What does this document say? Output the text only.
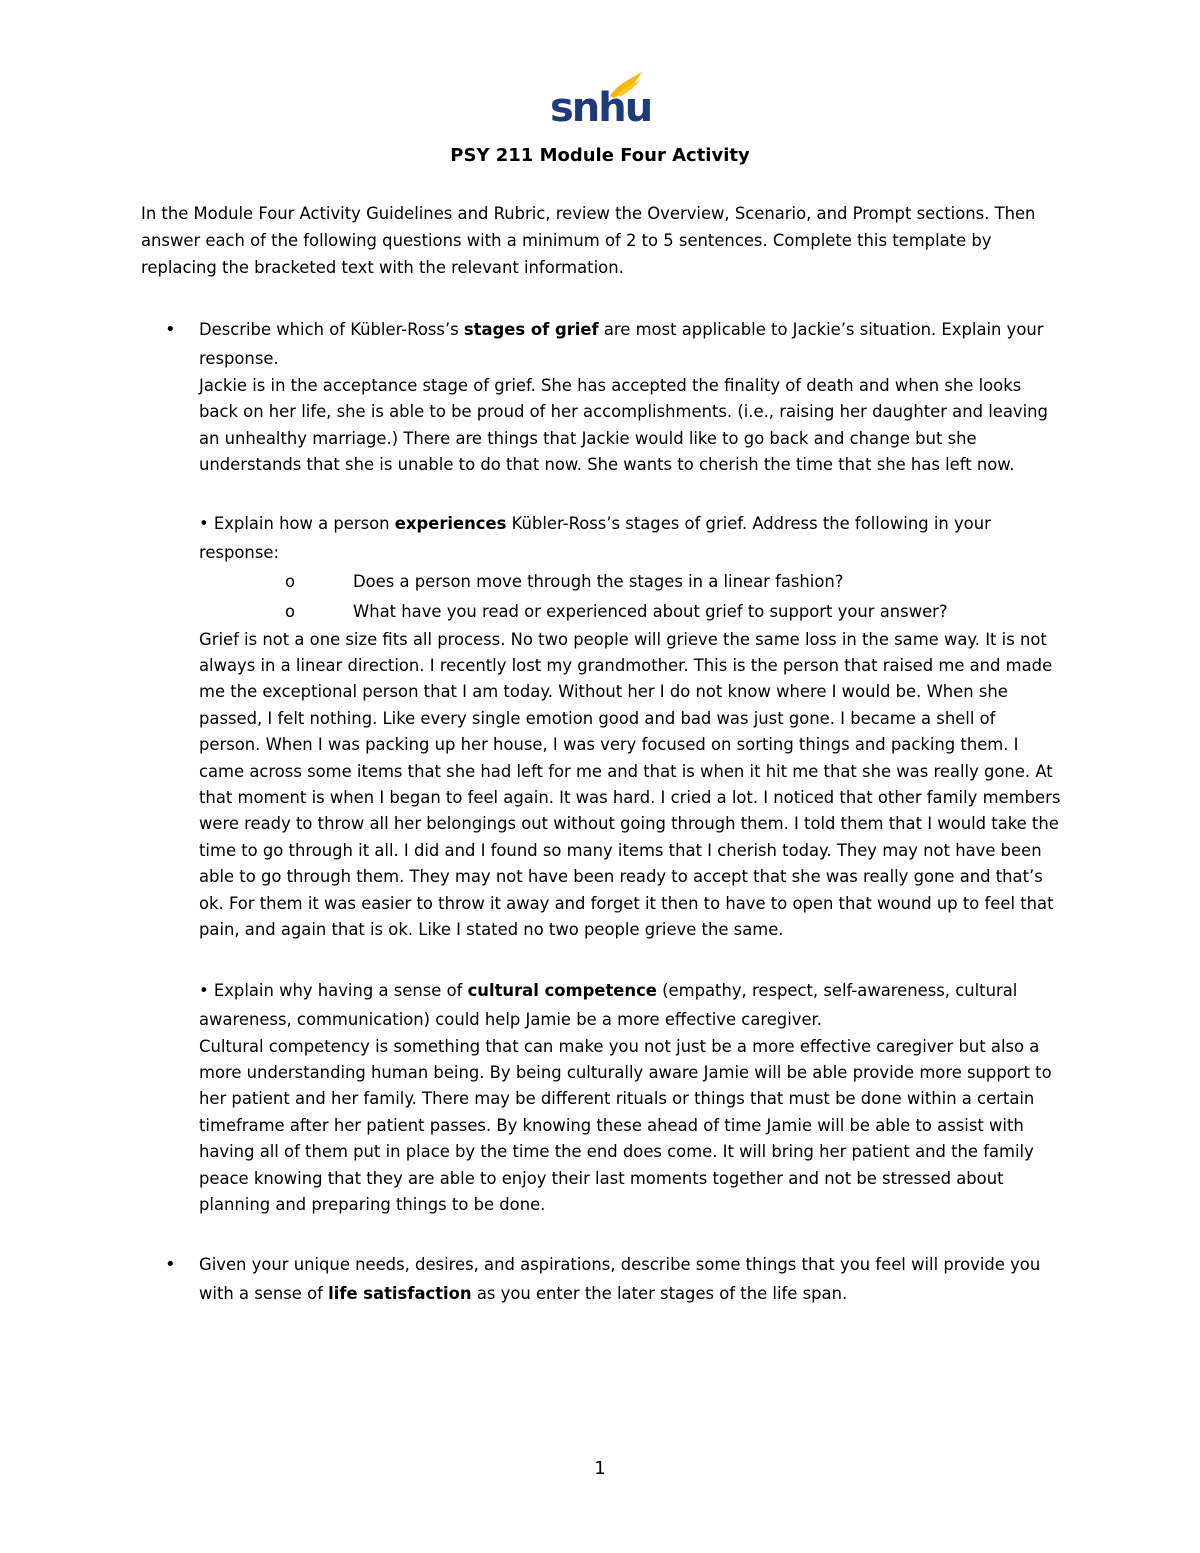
snhu
PSY 211 Module Four Activity

In the Module Four Activity Guidelines and Rubric, review the Overview, Scenario, and Prompt sections. Then answer each of the following questions with a minimum of 2 to 5 sentences. Complete this template by replacing the bracketed text with the relevant information.

• Describe which of Kübler-Ross’s stages of grief are most applicable to Jackie’s situation. Explain your response.

Jackie is in the acceptance stage of grief. She has accepted the finality of death and when she looks back on her life, she is able to be proud of her accomplishments. (i.e., raising her daughter and leaving an unhealthy marriage.) There are things that Jackie would like to go back and change but she understands that she is unable to do that now. She wants to cherish the time that she has left now.

• Explain how a person experiences Kübler-Ross’s stages of grief. Address the following in your response:

o	Does a person move through the stages in a linear fashion?

o	What have you read or experienced about grief to support your answer?

Grief is not a one size fits all process. No two people will grieve the same loss in the same way. It is not always in a linear direction. I recently lost my grandmother. This is the person that raised me and made me the exceptional person that I am today. Without her I do not know where I would be. When she passed, I felt nothing. Like every single emotion good and bad was just gone. I became a shell of person. When I was packing up her house, I was very focused on sorting things and packing them. I came across some items that she had left for me and that is when it hit me that she was really gone. At that moment is when I began to feel again. It was hard. I cried a lot. I noticed that other family members were ready to throw all her belongings out without going through them. I told them that I would take the time to go through it all. I did and I found so many items that I cherish today. They may not have been able to go through them. They may not have been ready to accept that she was really gone and that’s ok. For them it was easier to throw it away and forget it then to have to open that wound up to feel that pain, and again that is ok. Like I stated no two people grieve the same.

• Explain why having a sense of cultural competence (empathy, respect, self-awareness, cultural awareness, communication) could help Jamie be a more effective caregiver.

Cultural competency is something that can make you not just be a more effective caregiver but also a more understanding human being. By being culturally aware Jamie will be able provide more support to her patient and her family. There may be different rituals or things that must be done within a certain timeframe after her patient passes. By knowing these ahead of time Jamie will be able to assist with having all of them put in place by the time the end does come. It will bring her patient and the family peace knowing that they are able to enjoy their last moments together and not be stressed about planning and preparing things to be done.

• Given your unique needs, desires, and aspirations, describe some things that you feel will provide you with a sense of life satisfaction as you enter the later stages of the life span.

1
